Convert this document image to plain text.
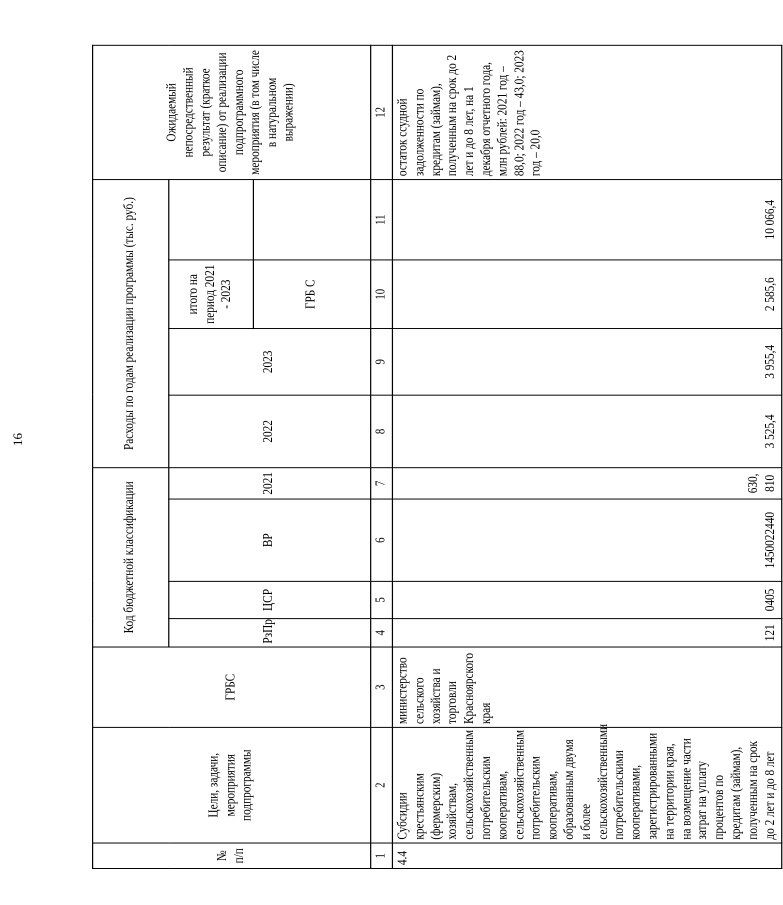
16
№ п/п	Цели, задачи, мероприятия подпрограммы	ГРБС	Код бюджетной классификации				Расходы по годам реализации программы (тыс. руб.)				Ожидаемый непосредственный результат (краткое описание) от реализации подпрограммного мероприятия (в том числе в натуральном выражении)
			РзПр	ЦСР	ВР	2021	2022	2023	итого на период 2021 - 2023		
									ГРБ С		
1	2	3	4	5	6	7	8	9	10	11	12
4.4	Субсидии крестьянским (фермерским) хозяйствам, сельскохозяйственным потребительским кооперативам, сельскохозяйственным потребительским кооперативам, образованным двумя и более сельскохозяйственными потребительскими кооперативами, зарегистрированными на территории края, на возмещение части затрат на уплату процентов по кредитам (займам), полученным на срок до 2 лет и до 8 лет	министерство сельского хозяйства и торговли Красноярского края	121	0405	1450022440	630, 810	3 525,4	3 955,4	2 585,6	10 066,4	остаток ссудной задолженности по кредитам (займам), полученным на срок до 2 лет и до 8 лет, на 1 декабря отчетного года, млн рублей: 2021 год – 88,0; 2022 год – 43,0; 2023 год – 20,0
